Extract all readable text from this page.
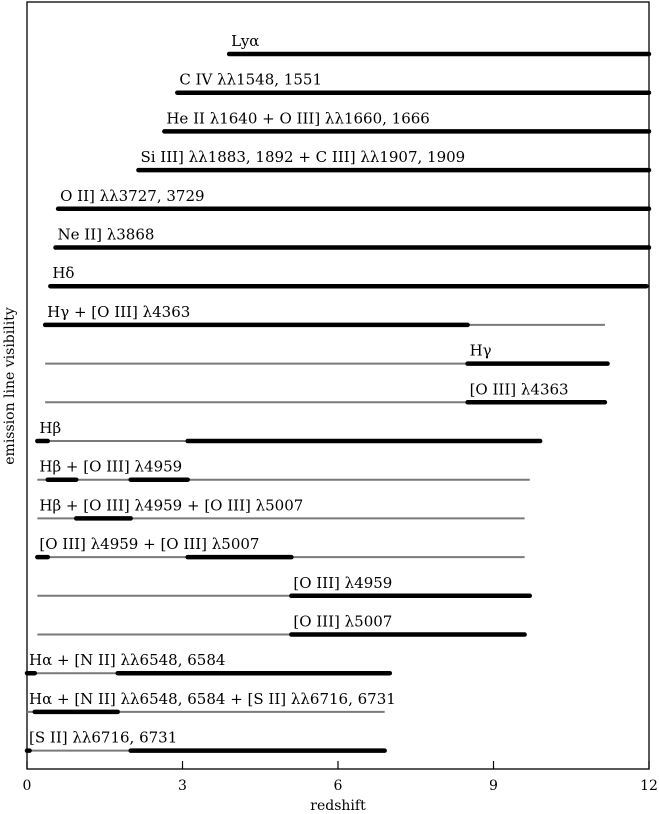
0	3	6	9	12
Lyα
C IV λλ1548, 1551
He II λ1640 + O III] λλ1660, 1666
Si III] λλ1883, 1892 + C III] λλ1907, 1909
O II] λλ3727, 3729
Ne II] λ3868
Hδ
Hγ + [O III] λ4363
Hγ
[O III] λ4363
Hβ
Hβ + [O III] λ4959
Hβ + [O III] λ4959 + [O III] λ5007
[O III] λ4959 + [O III] λ5007
[O III] λ4959
[O III] λ5007
Hα + [N II] λλ6548, 6584
Hα + [N II] λλ6548, 6584 + [S II] λλ6716, 6731
[S II] λλ6716, 6731
redshift
emission line visibility
